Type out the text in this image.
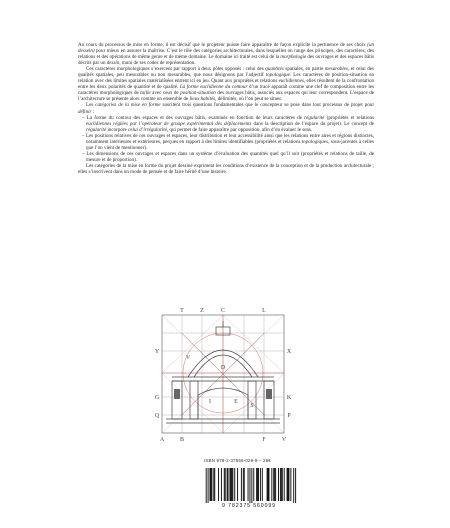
Au cours du processus de mise en forme, il est décisif que le projeteur puisse faire apparaître de façon explicite la pertinence de ses choix (un dessein) pour mieux en assurer la maîtrise. C’est le rôle des catégories architecturales, dans lesquelles on range des principes, des caractères, des relations et des opérations de même genre et de même domaine. Le domaine ici traité est celui de la morphologie des ouvrages et des espaces bâtis décrits par un dessin, muni de ses codes de représentation.

Ces caractères morphologiques s’exercent par rapport à deux pôles opposés : celui des quantités spatiales, en partie mesurables, et celui des qualités spatiales, peu mesurables ou non mesurables, que nous désignons par l’adjectif topologique. Les caractères de position-situation en relation avec des limites spatiales matérialisées entrent ici en jeu. Quant aux propriétés et relations euclidiennes, elles résultent de la confrontation entre les deux polarités de quantité et de qualité. La forme euclidienne du contour d’un tracé apparaît comme une clef de composition entre les caractères morphologiques de taille avec ceux de position-situation des ouvrages bâtis, associés aux espaces qui leur correspondent. L’espace de l’architecture se présente alors comme un ensemble de lieux habités, délimités, où l’on peut se situer.

Les catégories de la mise en forme suscitent trois questions fondamentales que le concepteur se pose dans tout processus de projet pour définir :

– La forme du contour des espaces et des ouvrages bâtis, examinés en fonction de leurs caractères de régularité (propriétés et relations euclidiennes réglées par l’opérateur de groupe expérimental des déplacements dans la description de l’espace du projet). Le concept de régularité incorpore celui d’irrégularité, qui permet de faire apparaître par opposition, afin d’en évaluer le sens.

– Les positions relatives de ces ouvrages et espaces, leur distribution et leur accessibilité ainsi que les relations entre aires et régions distinctes, notamment intérieures et extérieures, perçues en rapport à des limites identifiables (propriétés et relations topologiques, sous-jacentes à celles que l’on vient de mentionner).

– Les dimensions de ces ouvrages et espaces dans un système d’évaluation des quantités quel qu’il soit (propriétés et relations de taille, de mesure et de proportion).

Les catégories de la mise en forme du projet dessiné expriment les conditions d’existence de la conception et de la production architecturale ; elles s’inscrivent dans un mode de pensée et de faire hérité d’une histoire.

T	Z	C	L
A	B	F	V
Y
G
Q
X
K
P
V
D
I	E
S
ISBN 978-2-37556-029-9 – 28€
9 782375 560099
